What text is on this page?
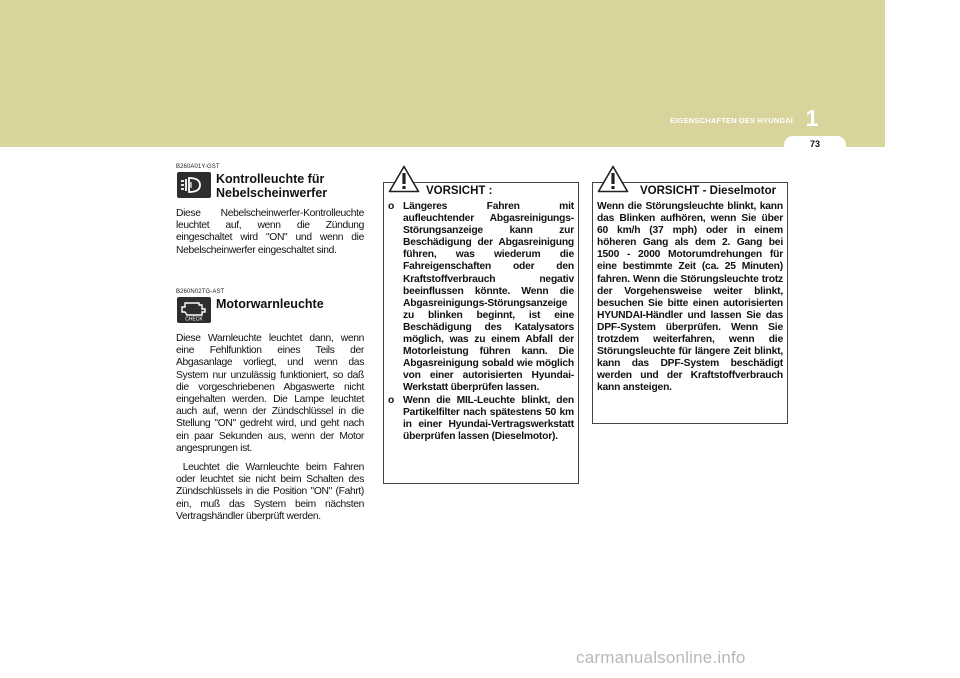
1
EIGENSCHAFTEN DES HYUNDAI
73
B260A01Y-GST
Kontrolleuchte für
Nebelscheinwerfer

Diese Nebelscheinwerfer-Kontrolleuchte leuchtet auf, wenn die Zündung eingeschaltet wird "ON" und wenn die Nebelscheinwerfer eingeschaltet sind.

B260N02TG-AST
CHECK
Motorwarnleuchte

Diese Warnleuchte leuchtet dann, wenn eine Fehlfunktion eines Teils der Abgasanlage vorliegt, und wenn das System nur unzulässig funktioniert, so daß die vorgeschriebenen Abgaswerte nicht eingehalten werden. Die Lampe leuchtet auch auf, wenn der Zündschlüssel in die Stellung "ON" gedreht wird, und geht nach ein paar Sekunden aus, wenn der Motor angesprungen ist.

Leuchtet die Warnleuchte beim Fahren oder leuchtet sie nicht beim Schalten des Zündschlüssels in die Position "ON" (Fahrt) ein, muß das System beim nächsten Vertragshändler überprüft werden.

VORSICHT :
o Längeres Fahren mit aufleuchtender Abgasreinigungs-Störungsanzeige kann zur Beschädigung der Abgasreinigung führen, was wiederum die Fahreigenschaften oder den Kraftstoffverbrauch negativ beeinflussen könnte. Wenn die Abgasreinigungs-Störungsanzeige zu blinken beginnt, ist eine Beschädigung des Katalysators möglich, was zu einem Abfall der Motorleistung führen kann. Die Abgasreinigung sobald wie möglich von einer autorisierten Hyundai-Werkstatt überprüfen lassen.
o Wenn die MIL-Leuchte blinkt, den Partikelfilter nach spätestens 50 km in einer Hyundai-Vertragswerkstatt überprüfen lassen (Dieselmotor).
VORSICHT - Dieselmotor
Wenn die Störungsleuchte blinkt, kann das Blinken aufhören, wenn Sie über 60 km/h (37 mph) oder in einem höheren Gang als dem 2. Gang bei 1500 - 2000 Motorumdrehungen für eine bestimmte Zeit (ca. 25 Minuten) fahren. Wenn die Störungsleuchte trotz der Vorgehensweise weiter blinkt, besuchen Sie bitte einen autorisierten HYUNDAI-Händler und lassen Sie das DPF-System überprüfen. Wenn Sie trotzdem weiterfahren, wenn die Störungsleuchte für längere Zeit blinkt, kann das DPF-System beschädigt werden und der Kraftstoffverbrauch kann ansteigen.
carmanualsonline.info
